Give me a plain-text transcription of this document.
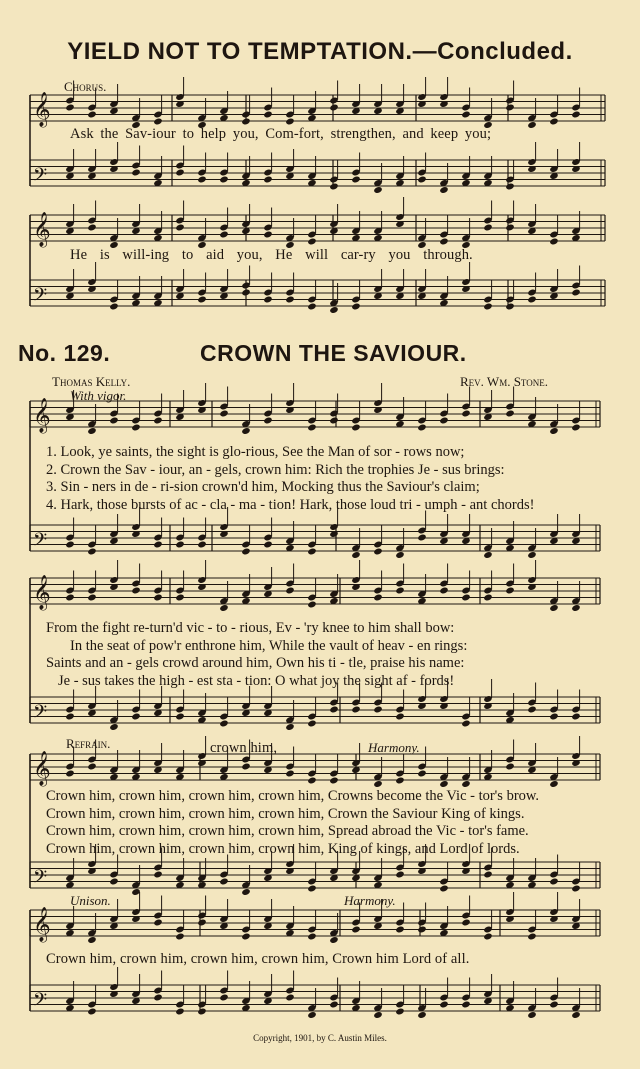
YIELD NOT TO TEMPTATION.—Concluded.
No. 129.	CROWN THE SAVIOUR.
𝄞
𝄢
𝄞
𝄢
𝄞
𝄢
𝄞
𝄢
𝄞
𝄢
𝄞
𝄢
Chorus.
Ask the Sav-iour to help you, Com-fort, strengthen, and keep you;
He is will-ing to aid you, He will car-ry you through.
Thomas Kelly.	Rev. Wm. Stone.
With vigor.
1. Look, ye saints, the sight is glo-rious, See the Man of sor - rows now;
2. Crown the Sav - iour, an - gels, crown him: Rich the trophies Je - sus brings:
3. Sin - ners in de - ri-sion crown'd him, Mocking thus the Saviour's claim;
4. Hark, those bursts of ac - cla - ma - tion! Hark, those loud tri - umph - ant chords!
From the fight re-turn'd vic - to - rious, Ev - 'ry knee to him shall bow:
In the seat of pow'r enthrone him, While the vault of heav - en rings:
Saints and an - gels crowd around him, Own his ti - tle, praise his name:
Je - sus takes the high - est sta - tion: O what joy the sight af - fords!
Refrain.	crown him,	Harmony.
Crown him, crown him, crown him, crown him, Crowns become the Vic - tor's brow.
Crown him, crown him, crown him, crown him, Crown the Saviour King of kings.
Crown him, crown him, crown him, crown him, Spread abroad the Vic - tor's fame.
Crown him, crown him, crown him, crown him, King of kings, and Lord of lords.
Unison.	Harmony.
Crown him, crown him, crown him, crown him, Crown him Lord of all.
Copyright, 1901, by C. Austin Miles.
